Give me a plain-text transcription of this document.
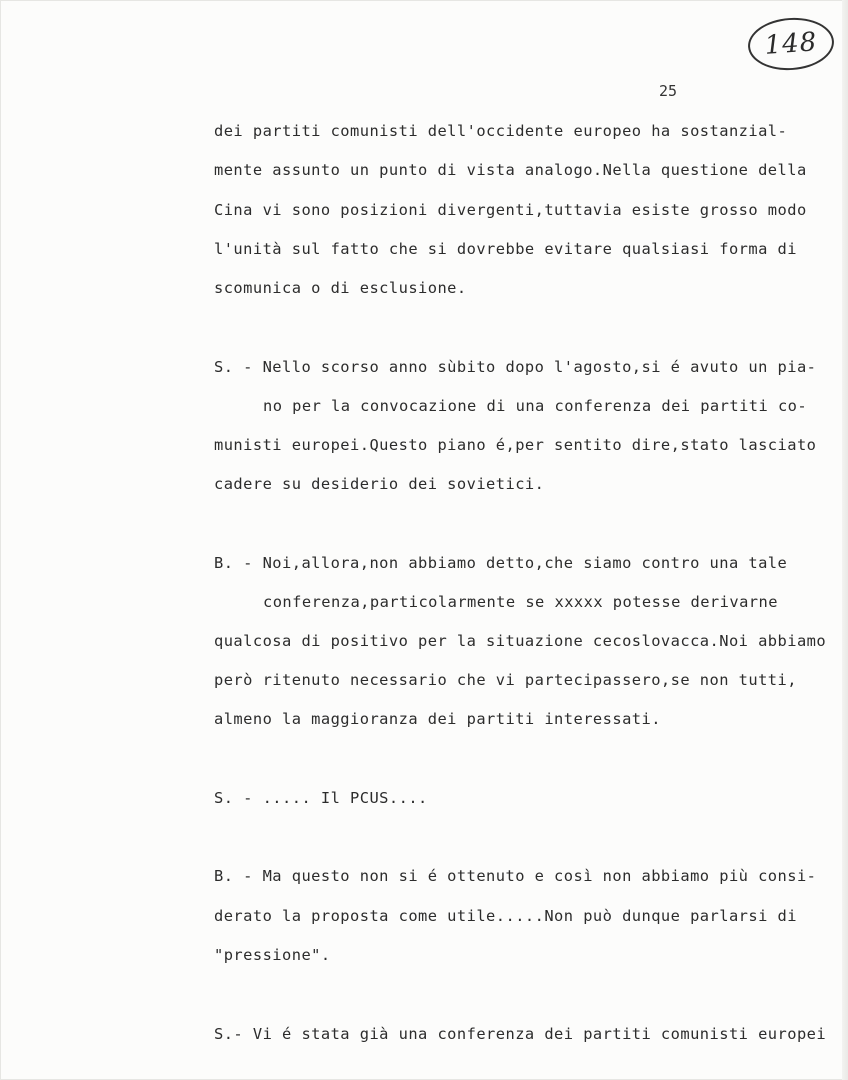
148
25
dei partiti comunisti dell'occidente europeo ha sostanzial-
mente assunto un punto di vista analogo.Nella questione della
Cina vi sono posizioni divergenti,tuttavia esiste grosso modo
l'unità sul fatto che si dovrebbe evitare qualsiasi forma di
scomunica o di esclusione.
S. - Nello scorso anno sùbito dopo l'agosto,si é avuto un pia-
no per la convocazione di una conferenza dei partiti co-
munisti europei.Questo piano é,per sentito dire,stato lasciato
cadere su desiderio dei sovietici.
B. - Noi,allora,non abbiamo detto,che siamo contro una tale
conferenza,particolarmente se xxxxx potesse derivarne
qualcosa di positivo per la situazione cecoslovacca.Noi abbiamo
però ritenuto necessario che vi partecipassero,se non tutti,
almeno la maggioranza dei partiti interessati.
S. - ..... Il PCUS....
B. - Ma questo non si é ottenuto e così non abbiamo più consi-
derato la proposta come utile.....Non può dunque parlarsi di
"pressione".
S.- Vi é stata già una conferenza dei partiti comunisti europei
